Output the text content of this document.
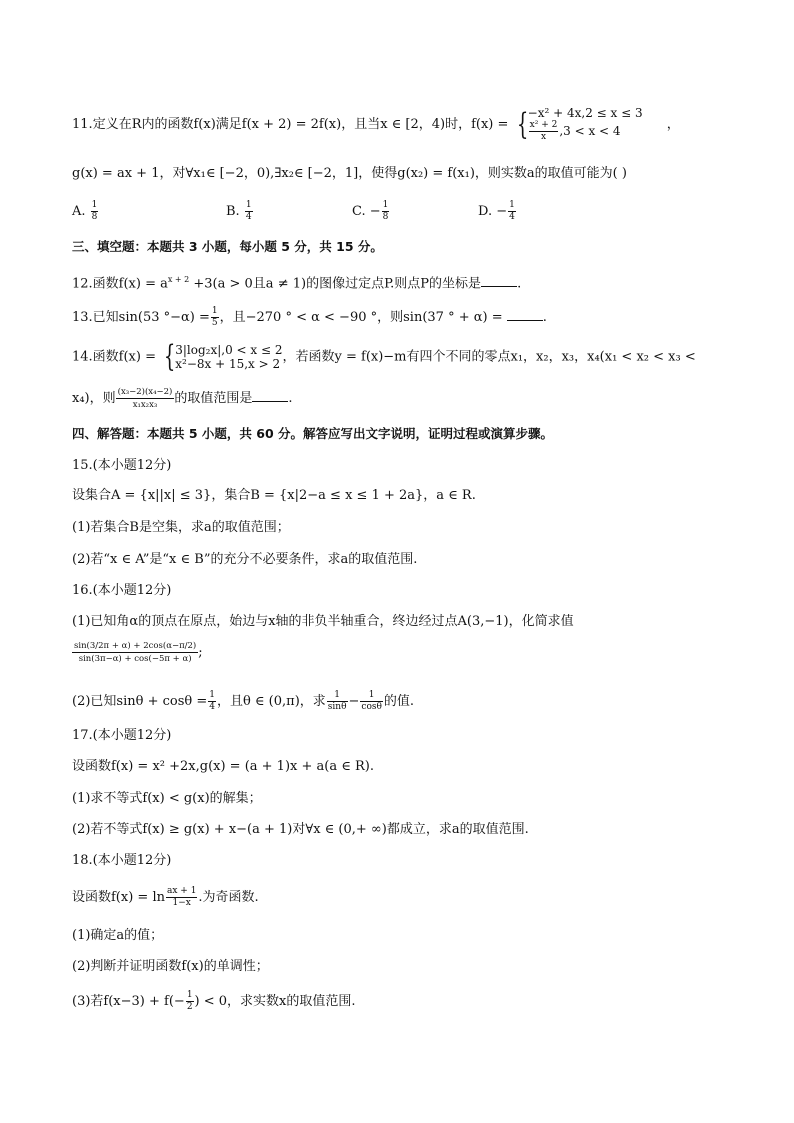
11.定义在R内的函数f(x)满足f(x + 2) = 2f(x)，且当x ∈ [2，4)时，f(x) = { −x² + 4x,2 ≤ x ≤ 3
$\frac{\text{x² + 2}}{x} ,3 < x < 4$	，
g(x) = ax + 1，对∀x₁∈ [−2，0),∃x₂∈ [−2，1]，使得g(x₂) = f(x₁)，则实数a的取值可能为( )
A. $\frac{1}{8}$	B. $\frac{1}{4}$	C. − $\frac{1}{8}$	D. − $\frac{1}{4}$
三、填空题：本题共 3 小题，每小题 5 分，共 15 分。
12.函数$f(x) = a^{x + 2} +3(a > 0$且a ≠ 1)的图像过定点P.则点P的坐标是	.
13.已知sin(53 $^\circ-\alpha) = \frac{1}{5}$ ，且−270 ° < α < −90 °，则sin(37 ° + α) =	.
14.函数f(x) = { 3|log₂x|,0 < x ≤ 2
x²−8x + 15,x > 2 ，若函数y = f(x)−m有四个不同的零点x₁，x₂，x₃，x₄(x₁ < x₂ < x₃ <
x₄)，则 $\frac{\text{(x₃−2)(x₄−2)}}{\text{x₁x₂x₃}}$ 的取值范围是	.
四、解答题：本题共 5 小题，共 60 分。解答应写出文字说明，证明过程或演算步骤。
15.(本小题12分)
设集合A = {x||x| ≤ 3}，集合B = {x|2−a ≤ x ≤ 1 + 2a}，a ∈ R.
(1)若集合B是空集，求a的取值范围；
(2)若“x ∈ A”是“x ∈ B”的充分不必要条件，求a的取值范围.
16.(本小题12分)
(1)已知角α的顶点在原点，始边与x轴的非负半轴重合，终边经过点A(3,−1)，化简求值
$\frac{\sin(3/2\pi + \alpha) + 2\cos(\alpha-\pi/2)}{\sin(3\pi-\alpha) + \cos(-5\pi + \alpha)}$ ;
(2)已知$\sin\theta + \cos\theta = \frac{1}{4}$ ，且θ ∈ (0,π)，求 $\frac{1}{\sin\theta} - \frac{1}{\cos\theta}$ 的值.
17.(本小题12分)
设函数f(x) = x² +2x,g(x) = (a + 1)x + a(a ∈ R).
(1)求不等式f(x) < g(x)的解集；
(2)若不等式f(x) ≥ g(x) + x−(a + 1)对∀x ∈ (0,+ ∞)都成立，求a的取值范围.
18.(本小题12分)
设函数$f(x) = \ln \frac{ax + 1}{1-x}$ .为奇函数.
(1)确定a的值；
(2)判断并证明函数f(x)的单调性；
(3)若$f(x-3) + f(- \frac{1}{2}$ ) < 0，求实数x的取值范围.
